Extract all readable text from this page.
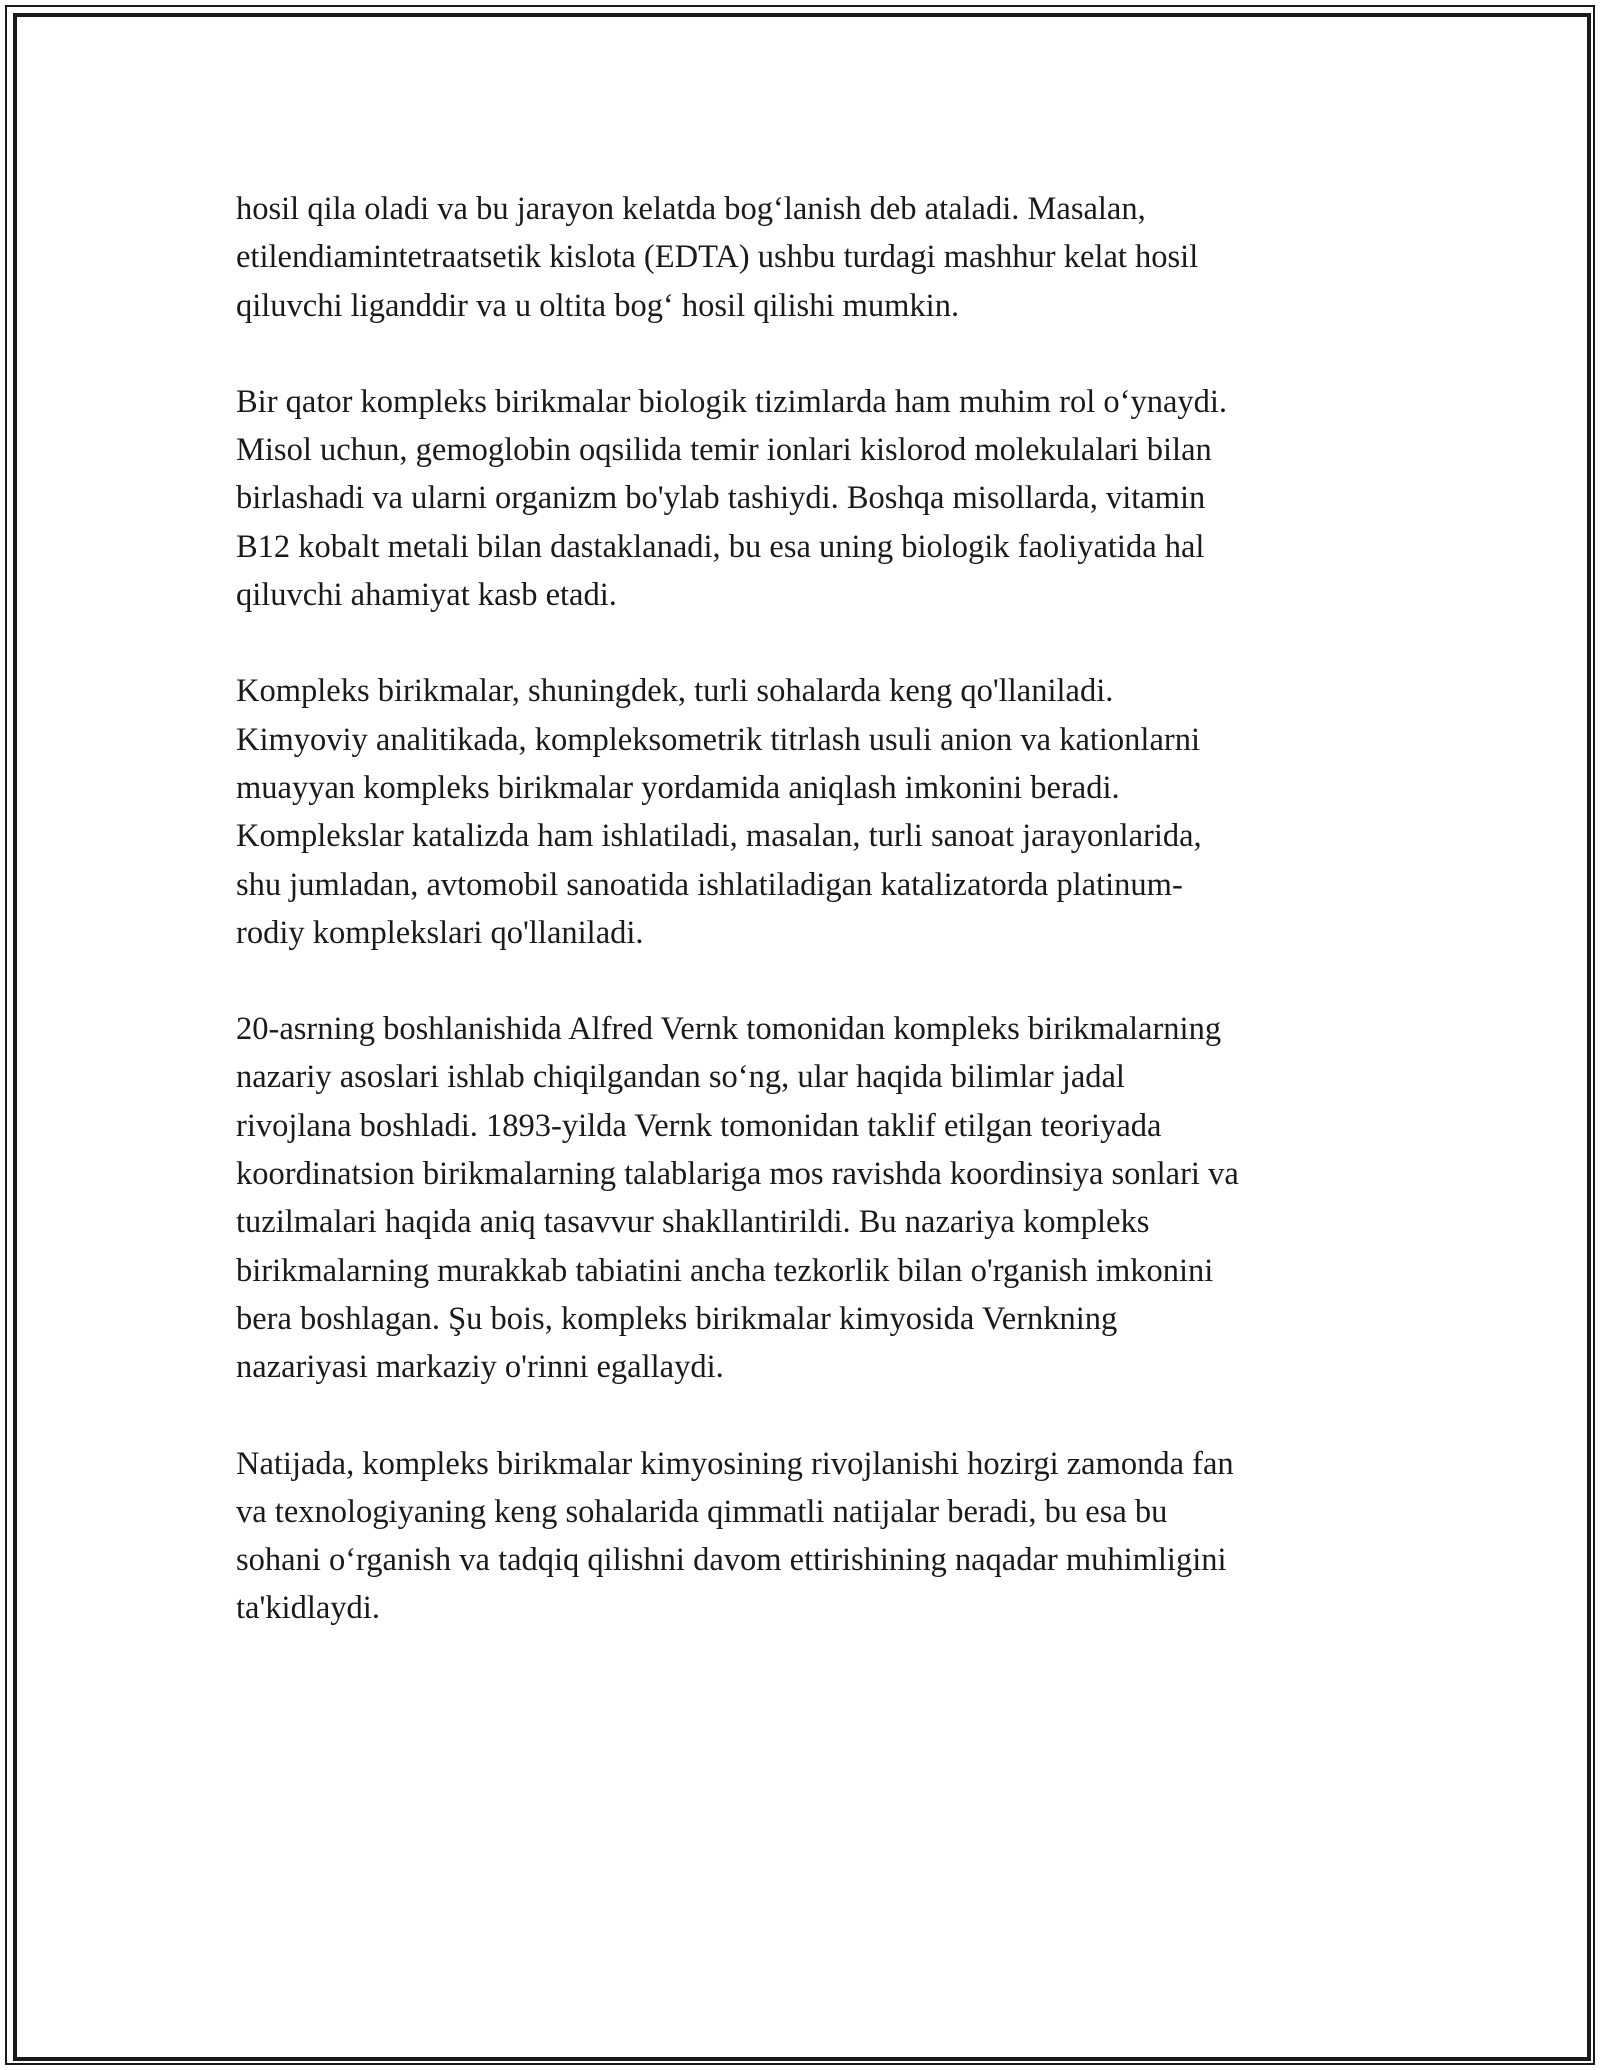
hosil qila oladi va bu jarayon kelatda bogʻlanish deb ataladi. Masalan,
etilendiamintetraatsetik kislota (EDTA) ushbu turdagi mashhur kelat hosil
qiluvchi liganddir va u oltita bogʻ hosil qilishi mumkin.

Bir qator kompleks birikmalar biologik tizimlarda ham muhim rol oʻynaydi.
Misol uchun, gemoglobin oqsilida temir ionlari kislorod molekulalari bilan
birlashadi va ularni organizm bo'ylab tashiydi. Boshqa misollarda, vitamin
B12 kobalt metali bilan dastaklanadi, bu esa uning biologik faoliyatida hal
qiluvchi ahamiyat kasb etadi.

Kompleks birikmalar, shuningdek, turli sohalarda keng qo'llaniladi.
Kimyoviy analitikada, kompleksometrik titrlash usuli anion va kationlarni
muayyan kompleks birikmalar yordamida aniqlash imkonini beradi.
Komplekslar katalizda ham ishlatiladi, masalan, turli sanoat jarayonlarida,
shu jumladan, avtomobil sanoatida ishlatiladigan katalizatorda platinum-
rodiy komplekslari qo'llaniladi.

20-asrning boshlanishida Alfred Vernk tomonidan kompleks birikmalarning
nazariy asoslari ishlab chiqilgandan soʻng, ular haqida bilimlar jadal
rivojlana boshladi. 1893-yilda Vernk tomonidan taklif etilgan teoriyada
koordinatsion birikmalarning talablariga mos ravishda koordinsiya sonlari va
tuzilmalari haqida aniq tasavvur shakllantirildi. Bu nazariya kompleks
birikmalarning murakkab tabiatini ancha tezkorlik bilan o'rganish imkonini
bera boshlagan. Şu bois, kompleks birikmalar kimyosida Vernkning
nazariyasi markaziy o'rinni egallaydi.

Natijada, kompleks birikmalar kimyosining rivojlanishi hozirgi zamonda fan
va texnologiyaning keng sohalarida qimmatli natijalar beradi, bu esa bu
sohani oʻrganish va tadqiq qilishni davom ettirishining naqadar muhimligini
ta'kidlaydi.
